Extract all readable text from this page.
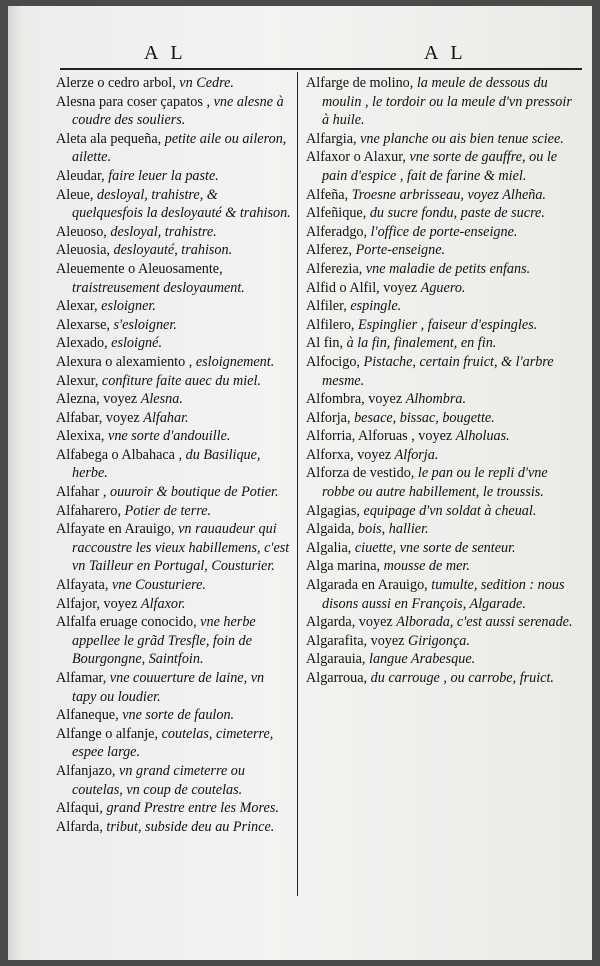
A L	A L

Alerze o cedro arbol, vn Cedre.

Alesna para coser çapatos , vne alesne à coudre des souliers.

Aleta ala pequeña, petite aile ou aileron, ailette.

Aleudar, faire leuer la paste.

Aleue, desloyal, trahistre, & quelquesfois la desloyauté & trahison.

Aleuoso, desloyal, trahistre.

Aleuosia, desloyauté, trahison.

Aleuemente o Aleuosamente, traistreusement desloyaument.

Alexar, esloigner.

Alexarse, s'esloigner.

Alexado, esloigné.

Alexura o alexamiento , esloignement.

Alexur, confiture faite auec du miel.

Alezna, voyez Alesna.

Alfabar, voyez Alfahar.

Alexixa, vne sorte d'andouille.

Alfabega o Albahaca , du Basilique, herbe.

Alfahar , ouuroir & boutique de Potier.

Alfaharero, Potier de terre.

Alfayate en Arauigo, vn rauaudeur qui raccoustre les vieux habillemens, c'est vn Tailleur en Portugal, Cousturier.

Alfayata, vne Cousturiere.

Alfajor, voyez Alfaxor.

Alfalfa eruage conocido, vne herbe appellee le grãd Tresfle, foin de Bourgongne, Saintfoin.

Alfamar, vne couuerture de laine, vn tapy ou loudier.

Alfaneque, vne sorte de faulon.

Alfange o alfanje, coutelas, cimeterre, espee large.

Alfanjazo, vn grand cimeterre ou coutelas, vn coup de coutelas.

Alfaqui, grand Prestre entre les Mores.

Alfarda, tribut, subside deu au Prince.

Alfarge de molino, la meule de dessous du moulin , le tordoir ou la meule d'vn pressoir à huile.

Alfargia, vne planche ou ais bien tenue sciee.

Alfaxor o Alaxur, vne sorte de gauffre, ou le pain d'espice , fait de farine & miel.

Alfeña, Troesne arbrisseau, voyez Alheña.

Alfeñique, du sucre fondu, paste de sucre.

Alferadgo, l'office de porte-enseigne.

Alferez, Porte-enseigne.

Alferezia, vne maladie de petits enfans.

Alfid o Alfil, voyez Aguero.

Alfiler, espingle.

Alfilero, Espinglier , faiseur d'espingles.

Al fin, à la fin, finalement, en fin.

Alfocigo, Pistache, certain fruict, & l'arbre mesme.

Alfombra, voyez Alhombra.

Alforja, besace, bissac, bougette.

Alforria, Alforuas , voyez Alholuas.

Alforxa, voyez Alforja.

Alforza de vestido, le pan ou le repli d'vne robbe ou autre habillement, le troussis.

Algagias, equipage d'vn soldat à cheual.

Algaida, bois, hallier.

Algalia, ciuette, vne sorte de senteur.

Alga marina, mousse de mer.

Algarada en Arauigo, tumulte, sedition : nous disons aussi en François, Algarade.

Algarda, voyez Alborada, c'est aussi serenade.

Algarafita, voyez Girigonça.

Algarauia, langue Arabesque.

Algarroua, du carrouge , ou carrobe, fruict.
